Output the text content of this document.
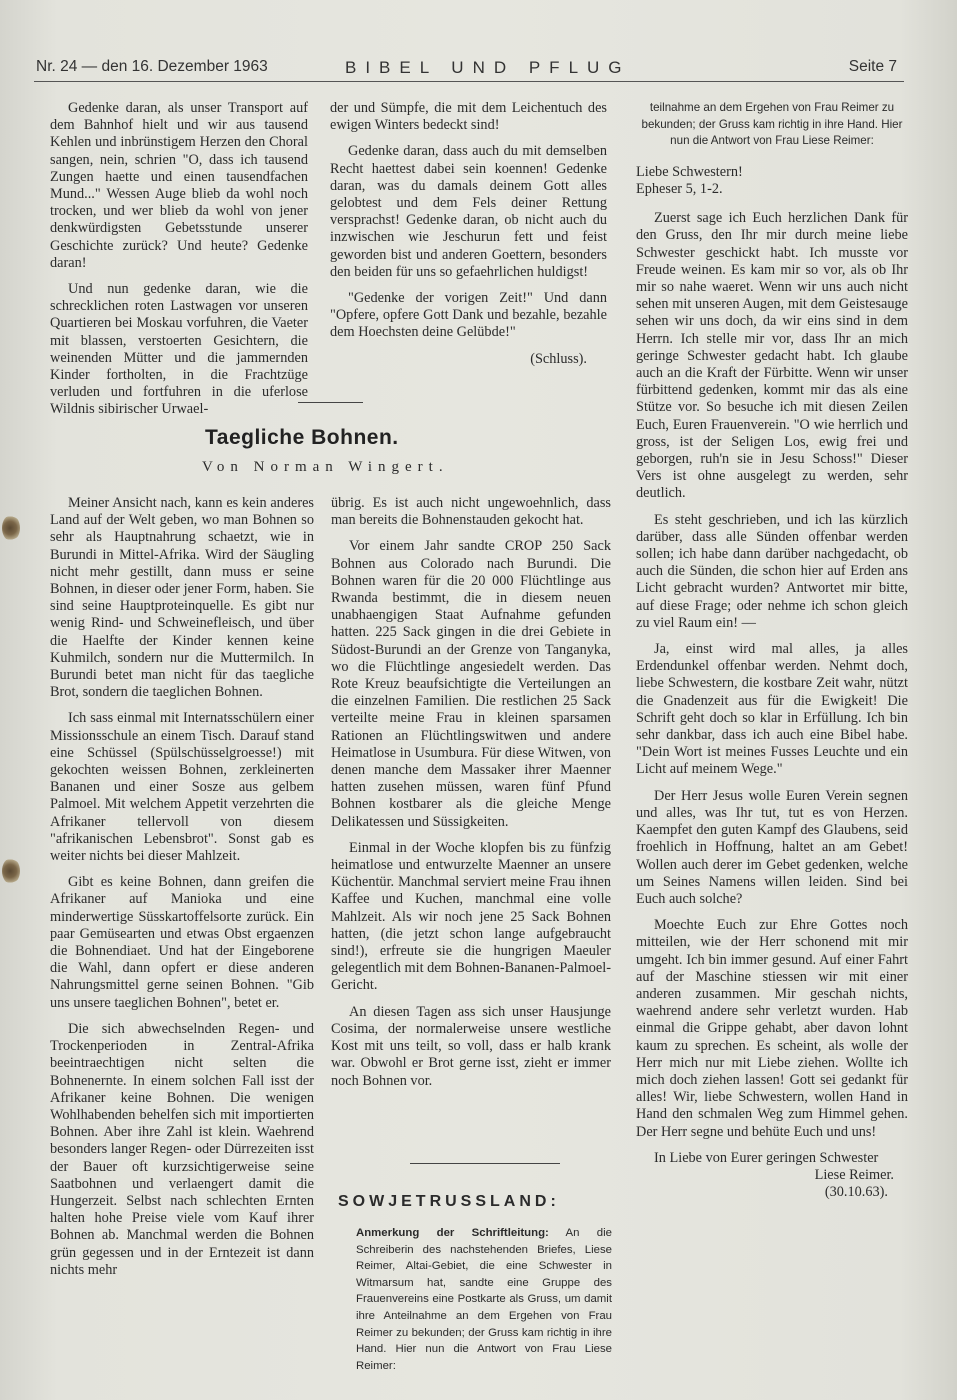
Nr. 24 — den 16. Dezember 1963	BIBEL UND PFLUG	Seite 7

Gedenke daran, als unser Transport auf dem Bahnhof hielt und wir aus tausend Kehlen und inbrünstigem Herzen den Choral sangen, nein, schrien "O, dass ich tausend Zungen haette und einen tausendfachen Mund..." Wessen Auge blieb da wohl noch trocken, und wer blieb da wohl von jener denkwürdigsten Gebetsstunde unserer Geschichte zurück? Und heute? Gedenke daran!

Und nun gedenke daran, wie die schrecklichen roten Lastwagen vor unseren Quartieren bei Moskau vorfuhren, die Vaeter mit blassen, verstoerten Gesichtern, die weinenden Mütter und die jammernden Kinder fortholten, in die Frachtzüge verluden und fortfuhren in die uferlose Wildnis sibirischer Urwael-

der und Sümpfe, die mit dem Leichentuch des ewigen Winters bedeckt sind!

Gedenke daran, dass auch du mit demselben Recht haettest dabei sein koennen! Gedenke daran, was du damals deinem Gott alles gelobtest und dem Fels deiner Rettung versprachst! Gedenke daran, ob nicht auch du inzwischen wie Jeschurun fett und feist geworden bist und anderen Goettern, besonders den beiden für uns so gefaehrlichen huldigst!

"Gedenke der vorigen Zeit!" Und dann "Opfere, opfere Gott Dank und bezahle, bezahle dem Hoechsten deine Gelübde!"

(Schluss).

Taegliche Bohnen.
Von Norman Wingert.

Meiner Ansicht nach, kann es kein anderes Land auf der Welt geben, wo man Bohnen so sehr als Hauptnahrung schaetzt, wie in Burundi in Mittel-Afrika. Wird der Säugling nicht mehr gestillt, dann muss er seine Bohnen, in dieser oder jener Form, haben. Sie sind seine Hauptproteinquelle. Es gibt nur wenig Rind- und Schweinefleisch, und über die Haelfte der Kinder kennen keine Kuhmilch, sondern nur die Muttermilch. In Burundi betet man nicht für das taegliche Brot, sondern die taeglichen Bohnen.

Ich sass einmal mit Internatsschülern einer Missionsschule an einem Tisch. Darauf stand eine Schüssel (Spülschüsselgroesse!) mit gekochten weissen Bohnen, zerkleinerten Bananen und einer Sosze aus gelbem Palmoel. Mit welchem Appetit verzehrten die Afrikaner tellervoll von diesem "afrikanischen Lebensbrot". Sonst gab es weiter nichts bei dieser Mahlzeit.

Gibt es keine Bohnen, dann greifen die Afrikaner auf Manioka und eine minderwertige Süsskartoffelsorte zurück. Ein paar Gemüsearten und etwas Obst ergaenzen die Bohnendiaet. Und hat der Eingeborene die Wahl, dann opfert er diese anderen Nahrungsmittel gerne seinen Bohnen. "Gib uns unsere taeglichen Bohnen", betet er.

Die sich abwechselnden Regen- und Trockenperioden in Zentral-Afrika beeintraechtigen nicht selten die Bohnenernte. In einem solchen Fall isst der Afrikaner keine Bohnen. Die wenigen Wohlhabenden behelfen sich mit importierten Bohnen. Aber ihre Zahl ist klein. Waehrend besonders langer Regen- oder Dürrezeiten isst der Bauer oft kurzsichtigerweise seine Saatbohnen und verlaengert damit die Hungerzeit. Selbst nach schlechten Ernten halten hohe Preise viele vom Kauf ihrer Bohnen ab. Manchmal werden die Bohnen grün gegessen und in der Erntezeit ist dann nichts mehr

übrig. Es ist auch nicht ungewoehnlich, dass man bereits die Bohnenstauden gekocht hat.

Vor einem Jahr sandte CROP 250 Sack Bohnen aus Colorado nach Burundi. Die Bohnen waren für die 20 000 Flüchtlinge aus Rwanda bestimmt, die in diesem neuen unabhaengigen Staat Aufnahme gefunden hatten. 225 Sack gingen in die drei Gebiete in Südost-Burundi an der Grenze von Tanganyka, wo die Flüchtlinge angesiedelt werden. Das Rote Kreuz beaufsichtigte die Verteilungen an die einzelnen Familien. Die restlichen 25 Sack verteilte meine Frau in kleinen sparsamen Rationen an Flüchtlingswitwen und andere Heimatlose in Usumbura. Für diese Witwen, von denen manche dem Massaker ihrer Maenner hatten zusehen müssen, waren fünf Pfund Bohnen kostbarer als die gleiche Menge Delikatessen und Süssigkeiten.

Einmal in der Woche klopfen bis zu fünfzig heimatlose und entwurzelte Maenner an unsere Küchentür. Manchmal serviert meine Frau ihnen Kaffee und Kuchen, manchmal eine volle Mahlzeit. Als wir noch jene 25 Sack Bohnen hatten, (die jetzt schon lange aufgebraucht sind!), erfreute sie die hungrigen Maeuler gelegentlich mit dem Bohnen-Bananen-Palmoel-Gericht.

An diesen Tagen ass sich unser Hausjunge Cosima, der normalerweise unsere westliche Kost mit uns teilt, so voll, dass er halb krank war. Obwohl er Brot gerne isst, zieht er immer noch Bohnen vor.

SOWJETRUSSLAND:
Anmerkung der Schriftleitung: An die Schreiberin des nachstehenden Briefes, Liese Reimer, Altai-Gebiet, die eine Schwester in Witmarsum hat, sandte eine Gruppe des Frauenvereins eine Postkarte als Gruss, um damit ihre Anteilnahme an dem Ergehen von Frau Reimer zu bekunden; der Gruss kam richtig in ihre Hand. Hier nun die Antwort von Frau Liese Reimer:
teilnahme an dem Ergehen von Frau Reimer zu bekunden; der Gruss kam richtig in ihre Hand. Hier nun die Antwort von Frau Liese Reimer:

Liebe Schwestern!

Epheser 5, 1-2.

Zuerst sage ich Euch herzlichen Dank für den Gruss, den Ihr mir durch meine liebe Schwester geschickt habt. Ich musste vor Freude weinen. Es kam mir so vor, als ob Ihr mir so nahe waeret. Wenn wir uns auch nicht sehen mit unseren Augen, mit dem Geistesauge sehen wir uns doch, da wir eins sind in dem Herrn. Ich stelle mir vor, dass Ihr an mich geringe Schwester gedacht habt. Ich glaube auch an die Kraft der Fürbitte. Wenn wir unser fürbittend gedenken, kommt mir das als eine Stütze vor. So besuche ich mit diesen Zeilen Euch, Euren Frauenverein. "O wie herrlich und gross, ist der Seligen Los, ewig frei und geborgen, ruh'n sie in Jesu Schoss!" Dieser Vers ist ohne ausgelegt zu werden, sehr deutlich.

Es steht geschrieben, und ich las kürzlich darüber, dass alle Sünden offenbar werden sollen; ich habe dann darüber nachgedacht, ob auch die Sünden, die schon hier auf Erden ans Licht gebracht wurden? Antwortet mir bitte, auf diese Frage; oder nehme ich schon gleich zu viel Raum ein! —

Ja, einst wird mal alles, ja alles Erdendunkel offenbar werden. Nehmt doch, liebe Schwestern, die kostbare Zeit wahr, nützt die Gnadenzeit aus für die Ewigkeit! Die Schrift geht doch so klar in Erfüllung. Ich bin sehr dankbar, dass ich auch eine Bibel habe. "Dein Wort ist meines Fusses Leuchte und ein Licht auf meinem Wege."

Der Herr Jesus wolle Euren Verein segnen und alles, was Ihr tut, tut es von Herzen. Kaempfet den guten Kampf des Glaubens, seid froehlich in Hoffnung, haltet an am Gebet! Wollen auch derer im Gebet gedenken, welche um Seines Namens willen leiden. Sind bei Euch auch solche?

Moechte Euch zur Ehre Gottes noch mitteilen, wie der Herr schonend mit mir umgeht. Ich bin immer gesund. Auf einer Fahrt auf der Maschine stiessen wir mit einer anderen zusammen. Mir geschah nichts, waehrend andere sehr verletzt wurden. Hab einmal die Grippe gehabt, aber davon lohnt kaum zu sprechen. Es scheint, als wolle der Herr mich nur mit Liebe ziehen. Wollte ich mich doch ziehen lassen! Gott sei gedankt für alles! Wir, liebe Schwestern, wollen Hand in Hand den schmalen Weg zum Himmel gehen. Der Herr segne und behüte Euch und uns!

In Liebe von Eurer geringen Schwester

Liese Reimer.

(30.10.63).
